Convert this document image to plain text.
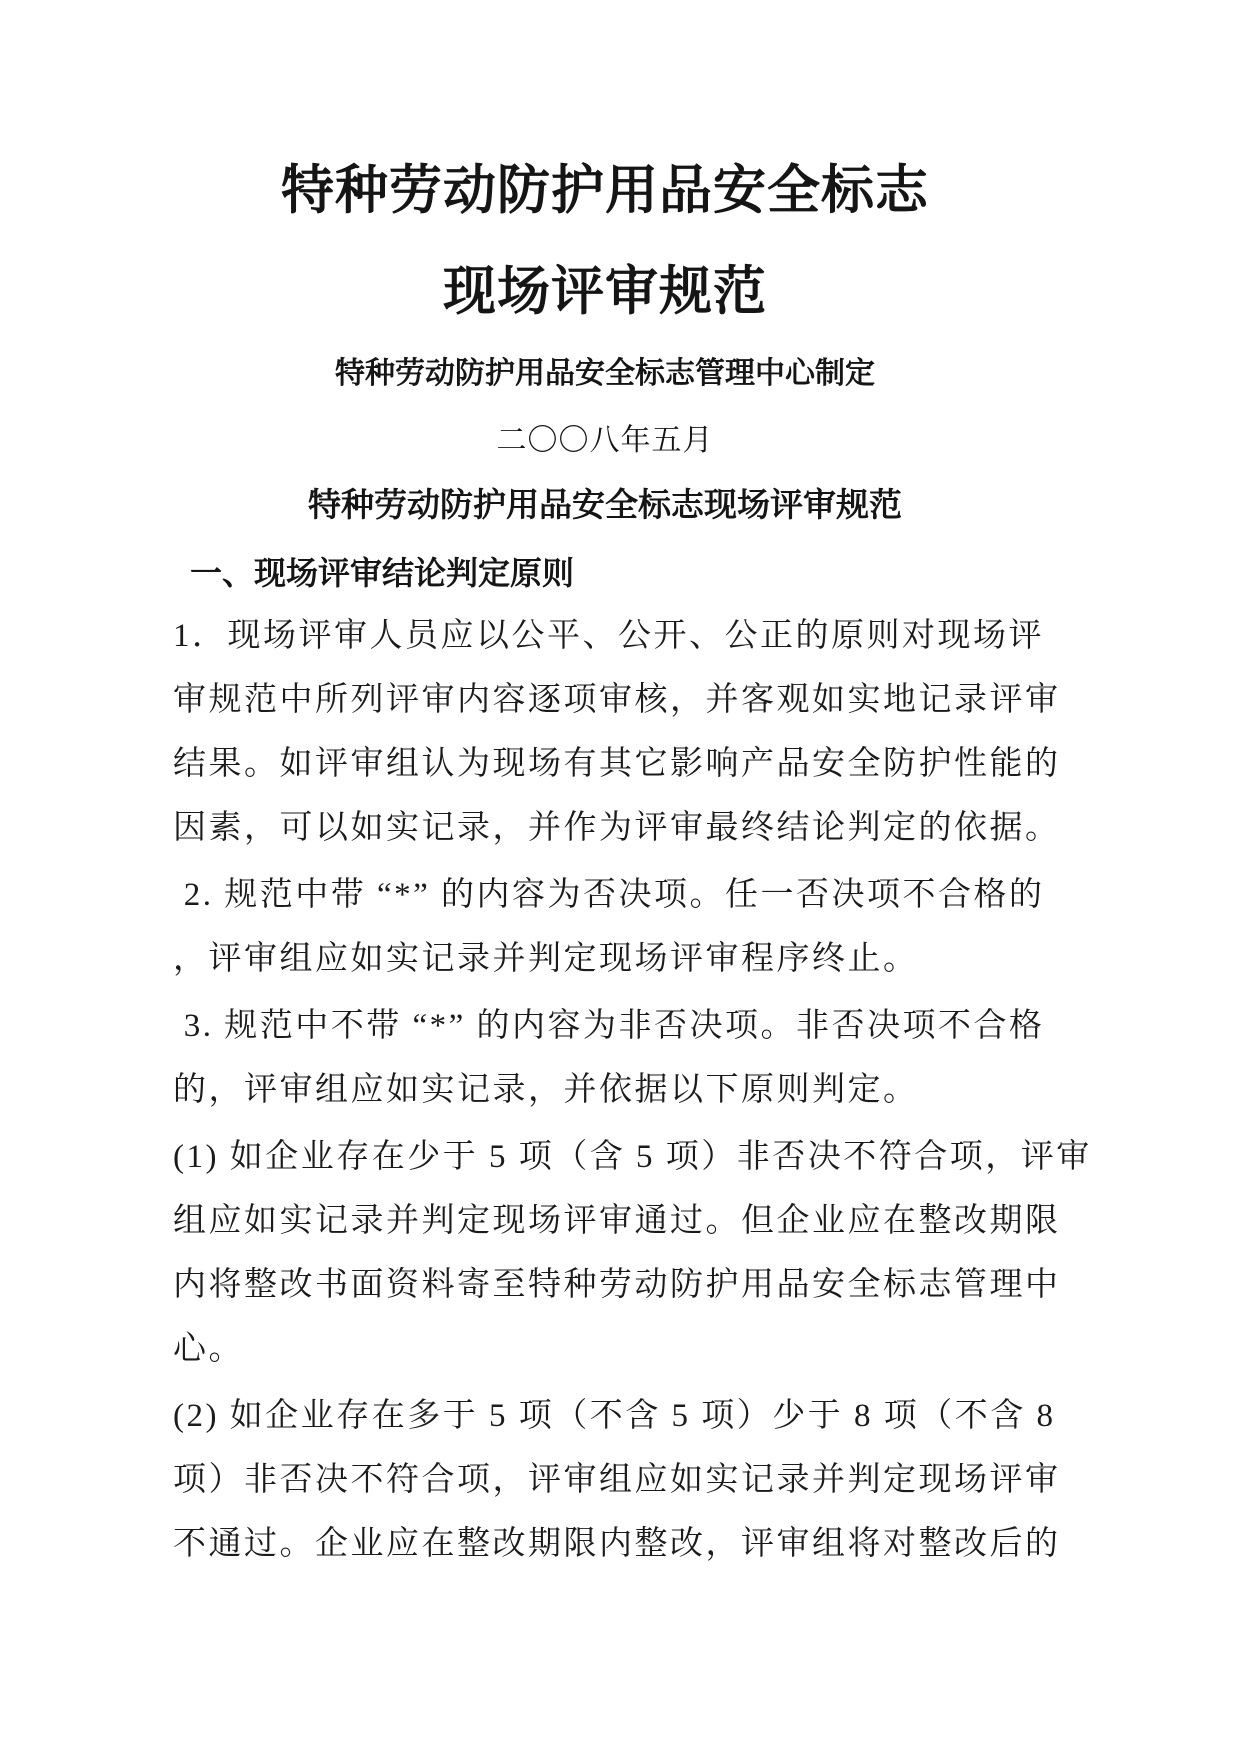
特种劳动防护用品安全标志
现场评审规范
特种劳动防护用品安全标志管理中心制定
二〇〇八年五月
特种劳动防护用品安全标志现场评审规范
一、现场评审结论判定原则
1．现场评审人员应以公平、公开、公正的原则对现场评
审规范中所列评审内容逐项审核，并客观如实地记录评审
结果。如评审组认为现场有其它影响产品安全防护性能的
因素，可以如实记录，并作为评审最终结论判定的依据。
2. 规范中带 “*” 的内容为否决项。任一否决项不合格的
，评审组应如实记录并判定现场评审程序终止。
3. 规范中不带 “*” 的内容为非否决项。非否决项不合格
的，评审组应如实记录，并依据以下原则判定。
(1) 如企业存在少于 5 项（含 5 项）非否决不符合项，评审
组应如实记录并判定现场评审通过。但企业应在整改期限
内将整改书面资料寄至特种劳动防护用品安全标志管理中
心。
(2) 如企业存在多于 5 项（不含 5 项）少于 8 项（不含 8
项）非否决不符合项，评审组应如实记录并判定现场评审
不通过。企业应在整改期限内整改，评审组将对整改后的
